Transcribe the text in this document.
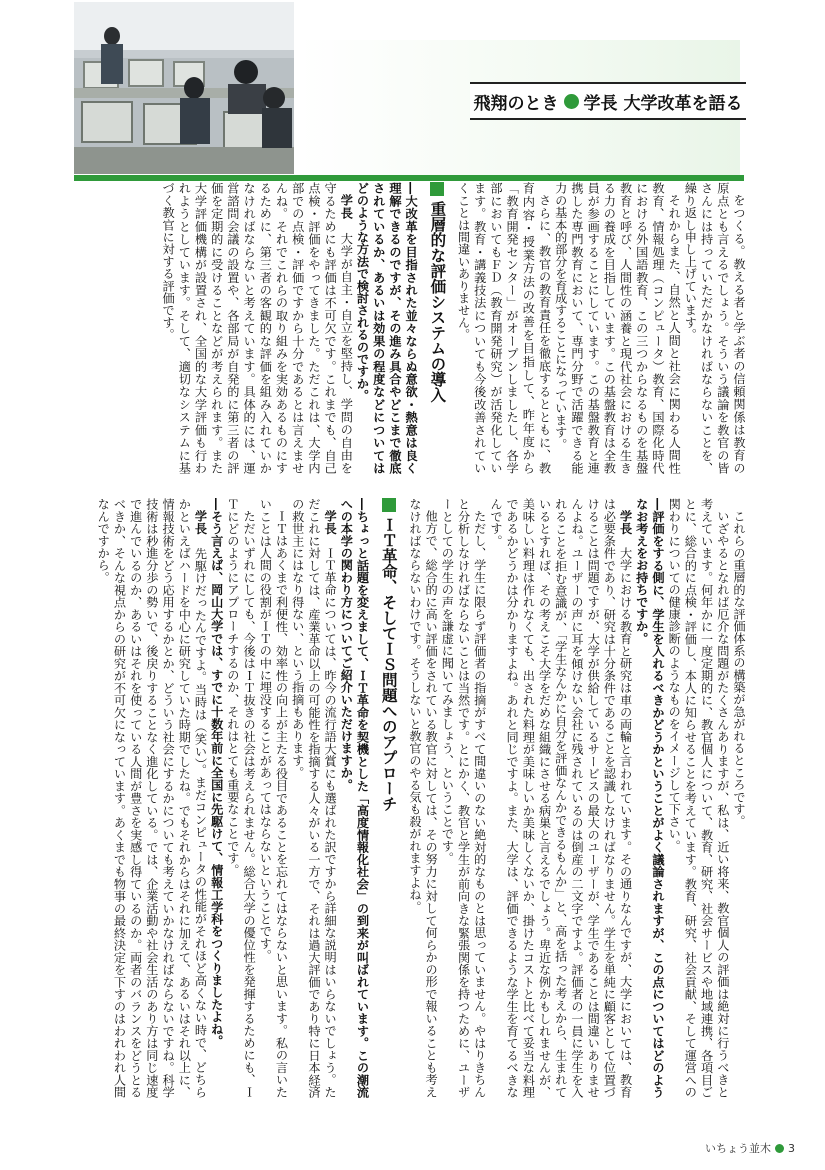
飛翔のとき 学長 大学改革を語る

をつくる。教える者と学ぶ者の信頼関係は教育の原点とも言えるでしょう。そういう議論を教官の皆さんには持っていただかなければならないことを、繰り返し申し上げています。

それからまた、自然と人間と社会に関わる人間性教育、情報処理（コンピュータ）教育、国際化時代における外国語教育、この三つからなるものを基盤教育と呼び、人間性の涵養と現代社会における生きる力の養成を目指しています。この基盤教育は全教員が参画することにしています。この基盤教育と連携した専門教育において、専門分野で活躍できる能力の基本的部分を育成することになっています。

さらに、教官の教育責任を徹底するとともに、教育内容・授業方法の改善を目指して、昨年度から「教育開発センター」がオープンしましたし、各学部においてもＦＤ（教育開発研究）が活発化しています。教育・講義技法についても今後改善されていくことは間違いありません。

重層的な評価システムの導入

―大改革を目指された並々ならぬ意欲・熱意は良く理解できるのですが、その進み具合やどこまで徹底されているか、あるいは効果の程度などについてはどのような方法で検討されるのですか。

学長　大学が自主・自立を堅持し、学問の自由を守るためにも評価は不可欠です。これまでも、自己点検・評価をやってきました。ただこれは、大学内部での点検・評価ですから十分であるとは言えませんね。それでこれらの取り組みを実効あるものにするために、第三者の客観的な評価を組み入れていかなければならないと考えています。具体的には、運営諮問会議の設置や、各部局が自発的に第三者の評価を定期的に受けることなどが考えられます。また大学評価機構が設置され、全国的な大学評価も行われようとしています。そして、適切なシステムに基づく教官に対する評価です。

これらの重層的な評価体系の構築が急がれるところです。

いざやるとなれば厄介な問題がたくさんありますが、私は、近い将来、教官個人の評価は絶対に行うべきと考えています。何年かに一度定期的に、教官個人について、教育、研究、社会サービスや地域連携、各項目ごとに、総合的に点検・評価し、本人に知らせることを考えています。教育、研究、社会貢献、そして運営への関わりについての健康診断のようなものをイメージして下さい。

―評価をする側に、学生を入れるべきかどうかということがよく議論されますが、この点についてはどのようなお考えをお持ちですか。

学長　大学における教育と研究は車の両輪と言われています。その通りなんですが、大学においては、教育は必要条件であり、研究は十分条件であることを認識しなければなりません。学生を単純に顧客として位置づけることは問題ですが、大学が供給しているサービスの最大のユーザーが、学生であることは間違いありませんよね。ユーザーの声に耳を傾けない会社に残されているのは倒産の二文字ですよ。評価者の一員に学生を入れることを拒む意識が、「学生なんかに自分を評価なんかできるもんか」と、高を括った考えから、生まれているとすれば、その考えこそ大学をだめな組織にさせる病巣と言えるでしょう。卑近な例かもしれませんが、美味しい料理は作れなくても、出された料理が美味しいか美味しくないか、掛けたコストと比べて妥当な料理であるかどうかは分かりますよね。あれと同じですよ。また、大学は、評価できるような学生を育てるべきなんです。

ただし、学生に限らず評価者の指摘がすべて間違いのない絶対的なものとは思っていません。やはりきちんと分析しなければならないことは当然です。とにかく、教官と学生が前向きな緊張関係を持つために、ユーザーとしての学生の声を謙虚に聞いてみましょう、ということです。

他方で、総合的に高い評価をされている教官に対しては、その努力に対して何らかの形で報いることも考えなければならないわけです。そうしないと教官のやる気も殺がれますよね。

ＩＴ革命、そしてＩＳ問題へのアプローチ

―ちょっと話題を変えまして、ＩＴ革命を契機とした「高度情報化社会」の到来が叫ばれています。この潮流への本学の関わり方についてご紹介いただけますか。

学長　ＩＴ革命については、昨今の流行語大賞にも選ばれた訳ですから詳細な説明はいらないでしょう。ただこれに対しては、産業革命以上の可能性を指摘する人々がいる一方で、それは過大評価であり特に日本経済の救世主にはなり得ない、という指摘もあります。

ＩＴはあくまで利便性、効率性の向上が主たる役目であることを忘れてはならないと思います。私の言いたいことは人間の役割がＩＴの中に埋没することがあってはならないということです。

ただいずれにしても、今後はＩＴ抜きの社会は考えられません。総合大学の優位性を発揮するためにも、ＩＴにどのようにアプローチするのか、それはとても重要なことです。

―そう言えば、岡山大学では、すでに十数年前に全国に先駆けて、情報工学科をつくりましたよね。

学長　先駆けだったんですよ。当時は（笑い）。まだコンピュータの性能がそれほど高くない時で、どちらかといえばハードを中心に研究していた時期でしたね。でもそれからはそれに加えて、あるいはそれ以上に、情報技術をどう応用するかとか、どういう社会にするかについても考えていかなければならないですね。科学技術は秒進分歩の勢いで、後戻りすることなく進化している。では、企業活動や社会生活のあり方は同じ速度で進んでいるのか、あるいはそれを使っている人間が豊さを実感し得ているのか。両者のバランスをどうとるべきか、そんな視点からの研究が不可欠になっています。あくまでも物事の最終決定を下すのはわれわれ人間なんですから。

いちょう並木 3
